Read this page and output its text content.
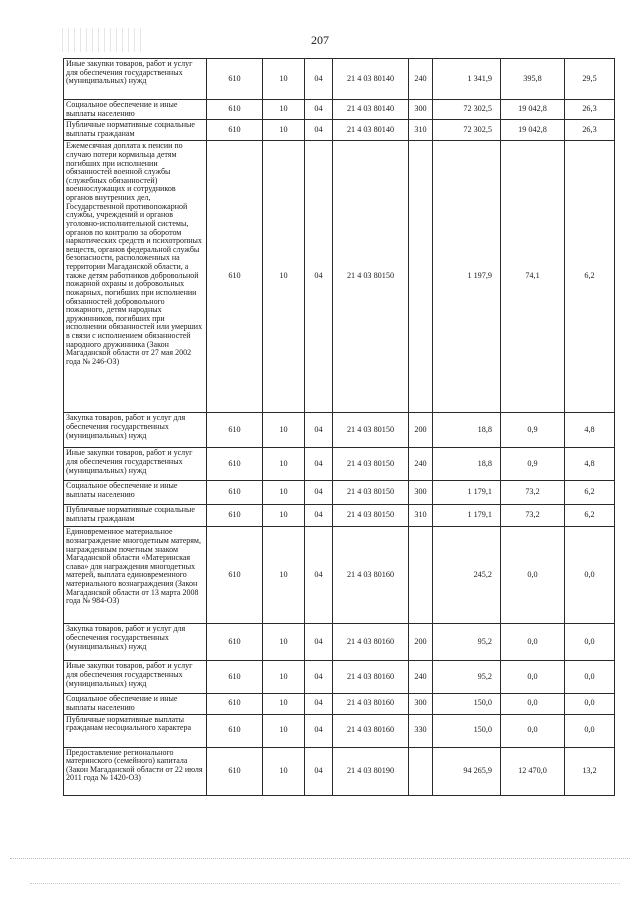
207
Иные закупки товаров, работ и услуг для обеспечения государственных (муниципальных) нужд	610	10	04	21 4 03 80140	240	1 341,9	395,8	29,5
Социальное обеспечение и иные выплаты населению	610	10	04	21 4 03 80140	300	72 302,5	19 042,8	26,3
Публичные нормативные социальные выплаты гражданам	610	10	04	21 4 03 80140	310	72 302,5	19 042,8	26,3
Ежемесячная доплата к пенсии по случаю потери кормильца детям погибших при исполнении обязанностей военной службы (служебных обязанностей) военнослужащих и сотрудников органов внутренних дел, Государственной противопожарной службы, учреждений и органов уголовно-исполнительной системы, органов по контролю за оборотом наркотических средств и психотропных веществ, органов федеральной службы безопасности, расположенных на территории Магаданской области, а также детям работников добровольной пожарной охраны и добровольных пожарных, погибших при исполнении обязанностей добровольного пожарного, детям народных дружинников, погибших при исполнении обязанностей или умерших в связи с исполнением обязанностей народного дружинника (Закон Магаданской области от 27 мая 2002 года № 246-ОЗ)	610	10	04	21 4 03 80150		1 197,9	74,1	6,2
Закупка товаров, работ и услуг для обеспечения государственных (муниципальных) нужд	610	10	04	21 4 03 80150	200	18,8	0,9	4,8
Иные закупки товаров, работ и услуг для обеспечения государственных (муниципальных) нужд	610	10	04	21 4 03 80150	240	18,8	0,9	4,8
Социальное обеспечение и иные выплаты населению	610	10	04	21 4 03 80150	300	1 179,1	73,2	6,2
Публичные нормативные социальные выплаты гражданам	610	10	04	21 4 03 80150	310	1 179,1	73,2	6,2
Единовременное материальное вознаграждение многодетным матерям, награжденным почетным знаком Магаданской области «Материнская слава» для награждения многодетных матерей, выплата единовременного материального вознаграждения (Закон Магаданской области от 13 марта 2008 года № 984-ОЗ)	610	10	04	21 4 03 80160		245,2	0,0	0,0
Закупка товаров, работ и услуг для обеспечения государственных (муниципальных) нужд	610	10	04	21 4 03 80160	200	95,2	0,0	0,0
Иные закупки товаров, работ и услуг для обеспечения государственных (муниципальных) нужд	610	10	04	21 4 03 80160	240	95,2	0,0	0,0
Социальное обеспечение и иные выплаты населению	610	10	04	21 4 03 80160	300	150,0	0,0	0,0
Публичные нормативные выплаты гражданам несоциального характера	610	10	04	21 4 03 80160	330	150,0	0,0	0,0
Предоставление регионального материнского (семейного) капитала (Закон Магаданской области от 22 июля 2011 года № 1420-ОЗ)	610	10	04	21 4 03 80190		94 265,9	12 470,0	13,2
